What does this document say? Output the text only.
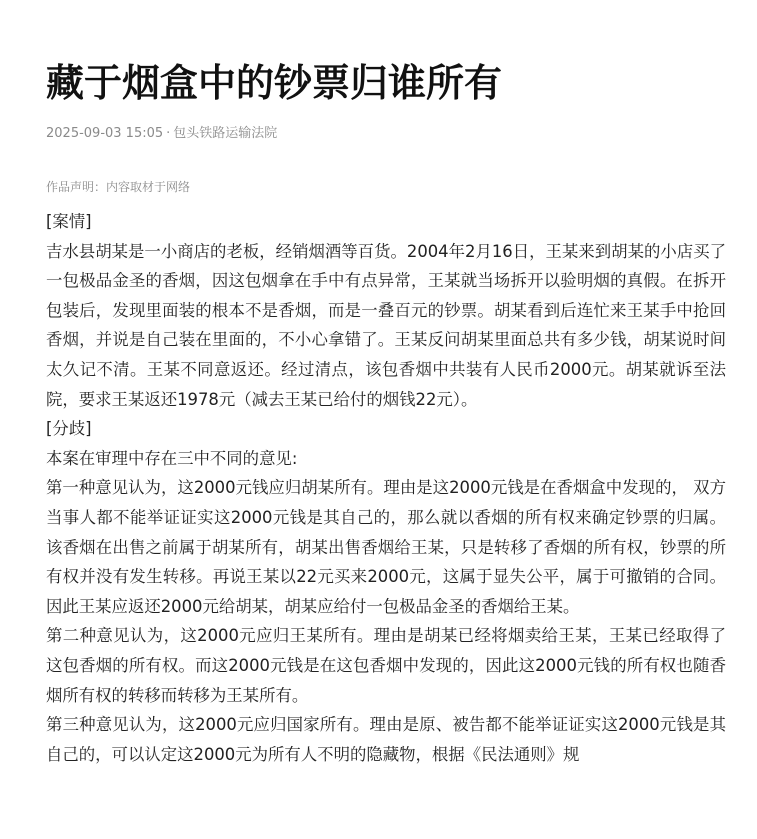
藏于烟盒中的钞票归谁所有
2025-09-03 15:05 · 包头铁路运输法院
作品声明：内容取材于网络

[案情]

吉水县胡某是一小商店的老板，经销烟酒等百货。2004年2月16日，王某来到胡某的小店买了一包极品金圣的香烟，因这包烟拿在手中有点异常，王某就当场拆开以验明烟的真假。在拆开包装后，发现里面装的根本不是香烟，而是一叠百元的钞票。胡某看到后连忙来王某手中抢回香烟，并说是自己装在里面的，不小心拿错了。王某反问胡某里面总共有多少钱，胡某说时间太久记不清。王某不同意返还。经过清点，该包香烟中共装有人民币2000元。胡某就诉至法院，要求王某返还1978元（减去王某已给付的烟钱22元）。

[分歧]

本案在审理中存在三中不同的意见:

第一种意见认为，这2000元钱应归胡某所有。理由是这2000元钱是在香烟盒中发现的， 双方当事人都不能举证证实这2000元钱是其自己的，那么就以香烟的所有权来确定钞票的归属。该香烟在出售之前属于胡某所有，胡某出售香烟给王某，只是转移了香烟的所有权，钞票的所有权并没有发生转移。再说王某以22元买来2000元，这属于显失公平，属于可撤销的合同。因此王某应返还2000元给胡某，胡某应给付一包极品金圣的香烟给王某。

第二种意见认为，这2000元应归王某所有。理由是胡某已经将烟卖给王某，王某已经取得了这包香烟的所有权。而这2000元钱是在这包香烟中发现的，因此这2000元钱的所有权也随香烟所有权的转移而转移为王某所有。

第三种意见认为，这2000元应归国家所有。理由是原、被告都不能举证证实这2000元钱是其自己的，可以认定这2000元为所有人不明的隐藏物，根据《民法通则》规
